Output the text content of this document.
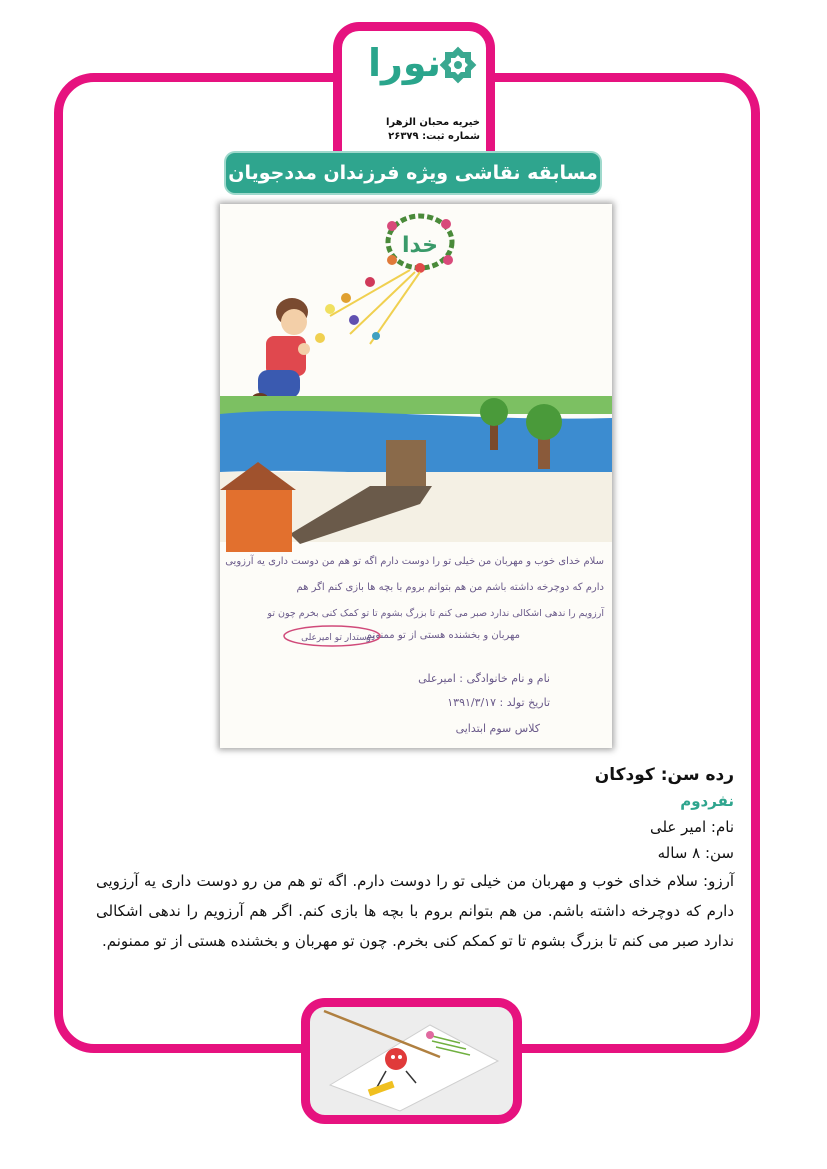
نورا
خیریه محبان الزهرا
شماره ثبت: ۲۶۳۷۹
مسابقه نقاشی ویژه فرزندان مددجویان
خدا
سلام خدای خوب و مهربان من خیلی تو را دوست دارم اگه تو هم من دوست داری یه آرزویی
دارم که دوچرخه داشته باشم من هم بتوانم بروم با بچه ها بازی کنم اگر هم
آرزویم را ندهی اشکالی ندارد صبر می کنم تا بزرگ بشوم تا تو کمک کنی بخرم چون تو
مهربان و بخشنده هستی از تو ممنونم
دوستدار تو امیرعلی
نام و نام خانوادگی : امیرعلی
تاریخ تولد : ۱۳۹۱/۳/۱۷
کلاس سوم ابتدایی
رده سن: کودکان
نفردوم
نام: امیر علی
سن: ۸ ساله
آرزو: سلام خدای خوب و مهربان من خیلی تو را دوست دارم. اگه تو هم من رو دوست داری یه آرزویی دارم که دوچرخه داشته باشم. من هم بتوانم بروم با بچه ها بازی کنم. اگر هم آرزویم را ندهی اشکالی ندارد صبر می کنم تا بزرگ بشوم تا تو کمکم کنی بخرم. چون تو مهربان و بخشنده هستی از تو ممنونم.
